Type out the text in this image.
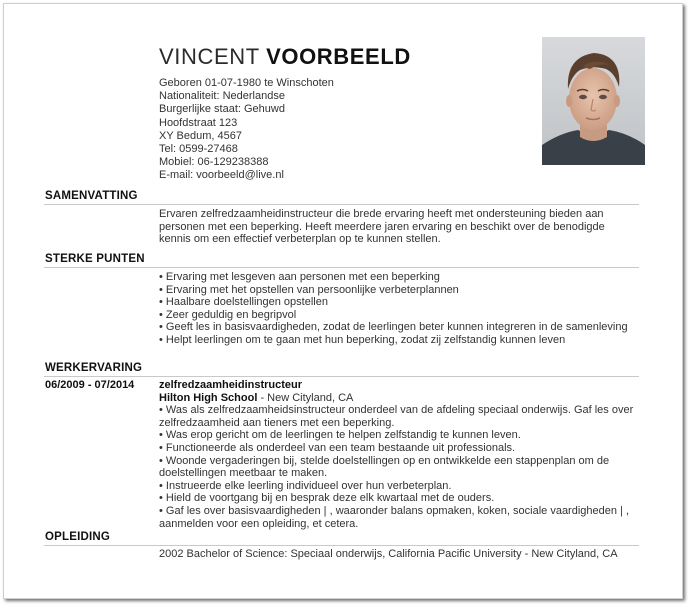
VINCENT VOORBEELD
Geboren 01-07-1980 te Winschoten
Nationaliteit: Nederlandse
Burgerlijke staat: Gehuwd
Hoofdstraat 123
XY Bedum, 4567
Tel: 0599-27468
Mobiel: 06-129238388
E-mail: voorbeeld@live.nl
SAMENVATTING
Ervaren zelfredzaamheidinstructeur die brede ervaring heeft met ondersteuning bieden aan personen met een beperking. Heeft meerdere jaren ervaring en beschikt over de benodigde kennis om een effectief verbeterplan op te kunnen stellen.
STERKE PUNTEN
• Ervaring met lesgeven aan personen met een beperking
• Ervaring met het opstellen van persoonlijke verbeterplannen
• Haalbare doelstellingen opstellen
• Zeer geduldig en begripvol
• Geeft les in basisvaardigheden, zodat de leerlingen beter kunnen integreren in de samenleving
• Helpt leerlingen om te gaan met hun beperking, zodat zij zelfstandig kunnen leven
WERKERVARING
06/2009 - 07/2014 zelfredzaamheidinstructeur
Hilton High School - New Cityland, CA
• Was als zelfredzaamheidsinstructeur onderdeel van de afdeling speciaal onderwijs. Gaf les over zelfredzaamheid aan tieners met een beperking.
• Was erop gericht om de leerlingen te helpen zelfstandig te kunnen leven.
• Functioneerde als onderdeel van een team bestaande uit professionals.
• Woonde vergaderingen bij, stelde doelstellingen op en ontwikkelde een stappenplan om de doelstellingen meetbaar te maken.
• Instrueerde elke leerling individueel over hun verbeterplan.
• Hield de voortgang bij en besprak deze elk kwartaal met de ouders.
• Gaf les over basisvaardigheden | , waaronder balans opmaken, koken, sociale vaardigheden | , aanmelden voor een opleiding, et cetera.
OPLEIDING
2002 Bachelor of Science: Speciaal onderwijs, California Pacific University - New Cityland, CA
